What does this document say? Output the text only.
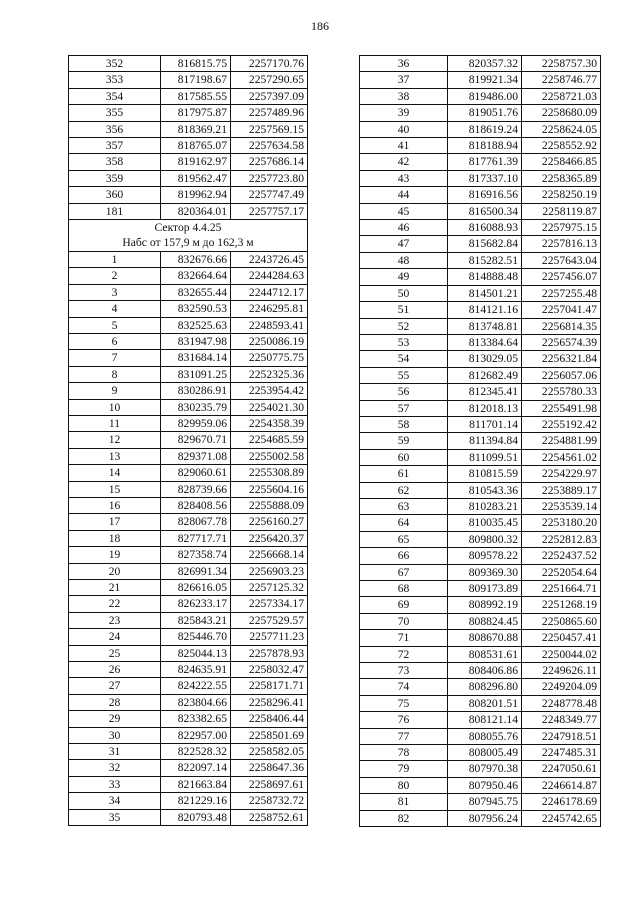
186
352	816815.75	2257170.76
353	817198.67	2257290.65
354	817585.55	2257397.09
355	817975.87	2257489.96
356	818369.21	2257569.15
357	818765.07	2257634.58
358	819162.97	2257686.14
359	819562.47	2257723.80
360	819962.94	2257747.49
181	820364.01	2257757.17
Сектор 4.4.25		
Набс от 157,9 м до 162,3 м		
1	832676.66	2243726.45
2	832664.64	2244284.63
3	832655.44	2244712.17
4	832590.53	2246295.81
5	832525.63	2248593.41
6	831947.98	2250086.19
7	831684.14	2250775.75
8	831091.25	2252325.36
9	830286.91	2253954.42
10	830235.79	2254021.30
11	829959.06	2254358.39
12	829670.71	2254685.59
13	829371.08	2255002.58
14	829060.61	2255308.89
15	828739.66	2255604.16
16	828408.56	2255888.09
17	828067.78	2256160.27
18	827717.71	2256420.37
19	827358.74	2256668.14
20	826991.34	2256903.23
21	826616.05	2257125.32
22	826233.17	2257334.17
23	825843.21	2257529.57
24	825446.70	2257711.23
25	825044.13	2257878.93
26	824635.91	2258032.47
27	824222.55	2258171.71
28	823804.66	2258296.41
29	823382.65	2258406.44
30	822957.00	2258501.69
31	822528.32	2258582.05
32	822097.14	2258647.36
33	821663.84	2258697.61
34	821229.16	2258732.72
35	820793.48	2258752.61
36	820357.32	2258757.30
37	819921.34	2258746.77
38	819486.00	2258721.03
39	819051.76	2258680.09
40	818619.24	2258624.05
41	818188.94	2258552.92
42	817761.39	2258466.85
43	817337.10	2258365.89
44	816916.56	2258250.19
45	816500.34	2258119.87
46	816088.93	2257975.15
47	815682.84	2257816.13
48	815282.51	2257643.04
49	814888.48	2257456.07
50	814501.21	2257255.48
51	814121.16	2257041.47
52	813748.81	2256814.35
53	813384.64	2256574.39
54	813029.05	2256321.84
55	812682.49	2256057.06
56	812345.41	2255780.33
57	812018.13	2255491.98
58	811701.14	2255192.42
59	811394.84	2254881.99
60	811099.51	2254561.02
61	810815.59	2254229.97
62	810543.36	2253889.17
63	810283.21	2253539.14
64	810035.45	2253180.20
65	809800.32	2252812.83
66	809578.22	2252437.52
67	809369.30	2252054.64
68	809173.89	2251664.71
69	808992.19	2251268.19
70	808824.45	2250865.60
71	808670.88	2250457.41
72	808531.61	2250044.02
73	808406.86	2249626.11
74	808296.80	2249204.09
75	808201.51	2248778.48
76	808121.14	2248349.77
77	808055.76	2247918.51
78	808005.49	2247485.31
79	807970.38	2247050.61
80	807950.46	2246614.87
81	807945.75	2246178.69
82	807956.24	2245742.65
